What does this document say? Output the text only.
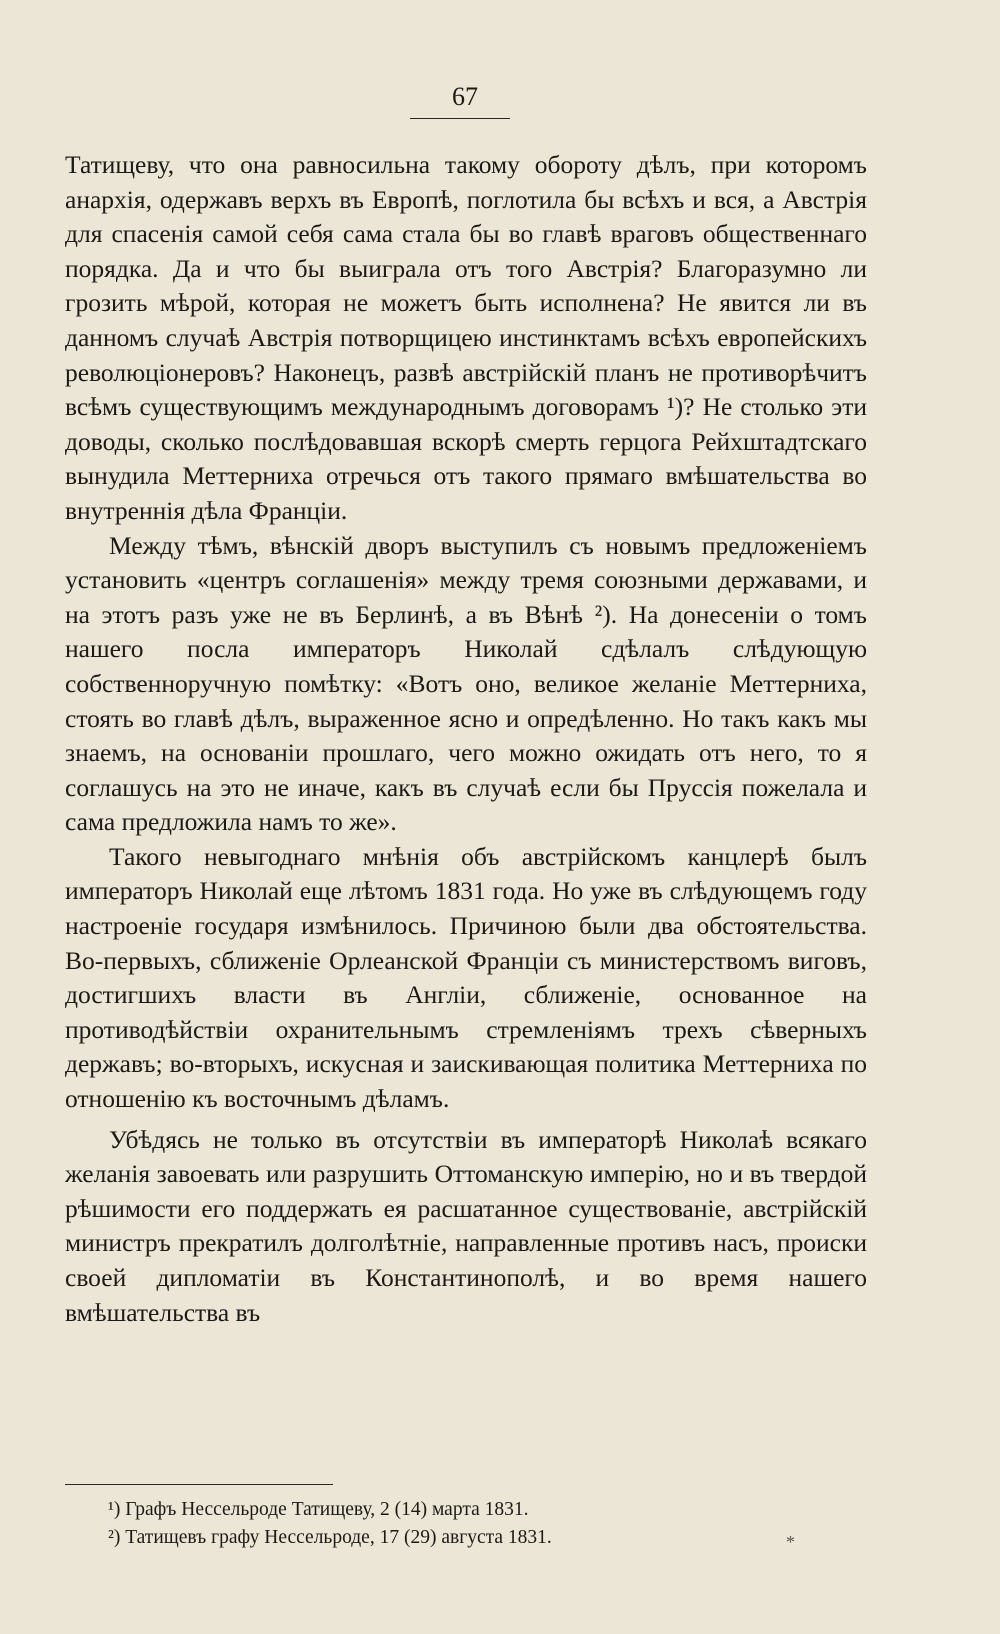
67

Татищеву, что она равносильна такому обороту дѣлъ, при которомъ анархія, одержавъ верхъ въ Европѣ, поглотила бы всѣхъ и вся, а Австрія для спасенія самой себя сама стала бы во главѣ враговъ общественнаго порядка. Да и что бы выиграла отъ того Австрія? Благоразумно ли грозить мѣрой, которая не можетъ быть исполнена? Не явится ли въ данномъ случаѣ Австрія потворщицею инстинктамъ всѣхъ европейскихъ революціонеровъ? Наконецъ, развѣ австрійскій планъ не противорѣчитъ всѣмъ существующимъ международнымъ договорамъ ¹)? Не столько эти доводы, сколько послѣдовавшая вскорѣ смерть герцога Рейхштадтскаго вынудила Меттерниха отречься отъ такого прямаго вмѣшательства во внутреннія дѣла Франціи.

Между тѣмъ, вѣнскій дворъ выступилъ съ новымъ предложеніемъ установить «центръ соглашенія» между тремя союзными державами, и на этотъ разъ уже не въ Берлинѣ, а въ Вѣнѣ ²). На донесеніи о томъ нашего посла императоръ Николай сдѣлалъ слѣдующую собственноручную помѣтку: «Вотъ оно, великое желаніе Меттерниха, стоять во главѣ дѣлъ, выраженное ясно и опредѣленно. Но такъ какъ мы знаемъ, на основаніи прошлаго, чего можно ожидать отъ него, то я соглашусь на это не иначе, какъ въ случаѣ если бы Пруссія пожелала и сама предложила намъ то же».

Такого невыгоднаго мнѣнія объ австрійскомъ канцлерѣ былъ императоръ Николай еще лѣтомъ 1831 года. Но уже въ слѣдующемъ году настроеніе государя измѣнилось. Причиною были два обстоятельства. Во-первыхъ, сближеніе Орлеанской Франціи съ министерствомъ виговъ, достигшихъ власти въ Англіи, сближеніе, основанное на противодѣйствіи охранительнымъ стремленіямъ трехъ сѣверныхъ державъ; во-вторыхъ, искусная и заискивающая политика Меттерниха по отношенію къ восточнымъ дѣламъ.

Убѣдясь не только въ отсутствіи въ императорѣ Николаѣ всякаго желанія завоевать или разрушить Оттоманскую имперію, но и въ твердой рѣшимости его поддержать ея расшатанное существованіе, австрійскій министръ прекратилъ долголѣтніе, направленные противъ насъ, происки своей дипломатіи въ Константинополѣ, и во время нашего вмѣшательства въ

¹) Графъ Нессельроде Татищеву, 2 (14) марта 1831.

²) Татищевъ графу Нессельроде, 17 (29) августа 1831.	*
